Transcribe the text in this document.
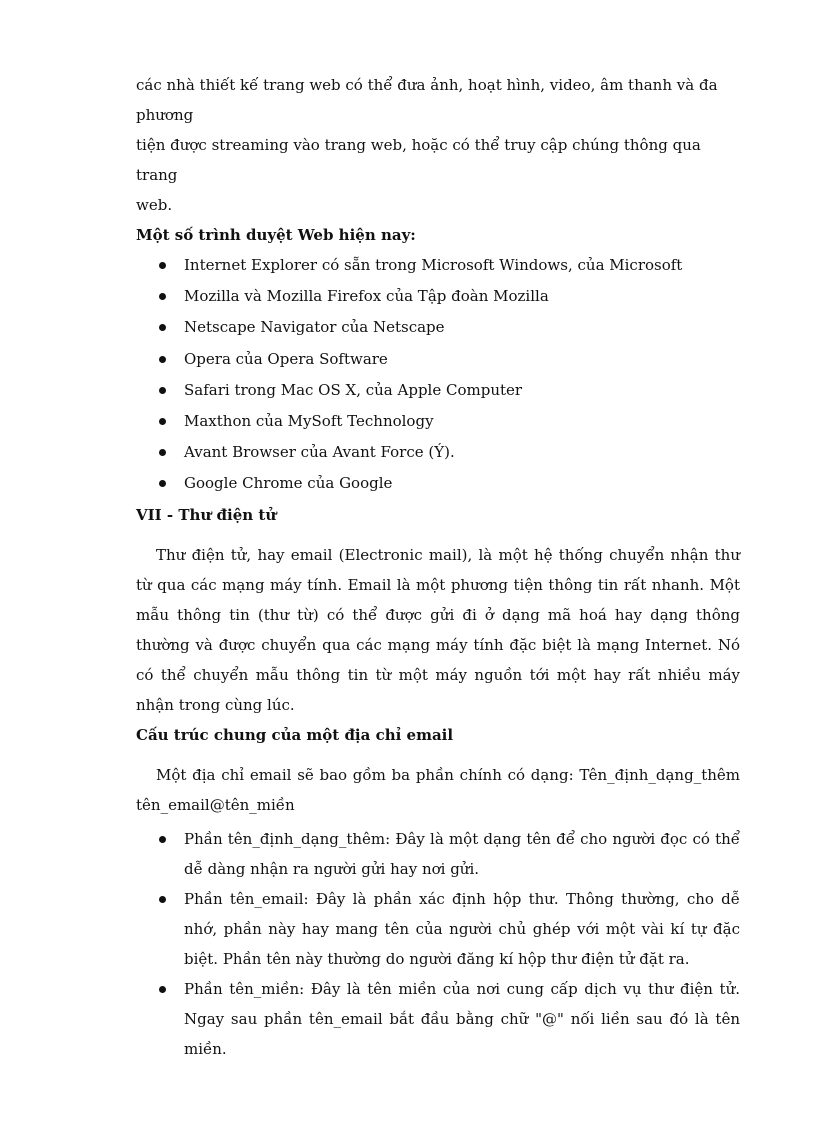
các nhà thiết kế trang web có thể đưa ảnh, hoạt hình, video, âm thanh và đa phương

tiện được streaming vào trang web, hoặc có thể truy cập chúng thông qua trang

web.

Một số trình duyệt Web hiện nay:
Internet Explorer có sẵn trong Microsoft Windows, của Microsoft
Mozilla và Mozilla Firefox của Tập đoàn Mozilla
Netscape Navigator của Netscape
Opera của Opera Software
Safari trong Mac OS X, của Apple Computer
Maxthon của MySoft Technology
Avant Browser của Avant Force (Ý).
Google Chrome của Google
VII - Thư điện tử

Thư điện tử, hay email (Electronic mail), là một hệ thống chuyển nhận thư từ qua các mạng máy tính. Email là một phương tiện thông tin rất nhanh. Một mẫu thông tin (thư từ) có thể được gửi đi ở dạng mã hoá hay dạng thông thường và được chuyển qua các mạng máy tính đặc biệt là mạng Internet. Nó có thể chuyển mẫu thông tin từ một máy nguồn tới một hay rất nhiều máy nhận trong cùng lúc.

Cấu trúc chung của một địa chỉ email

Một địa chỉ email sẽ bao gồm ba phần chính có dạng: Tên_định_dạng_thêm tên_email@tên_miền

Phần tên_định_dạng_thêm: Đây là một dạng tên để cho người đọc có thể dễ dàng nhận ra người gửi hay nơi gửi.
Phần tên_email: Đây là phần xác định hộp thư. Thông thường, cho dễ nhớ, phần này hay mang tên của người chủ ghép với một vài kí tự đặc biệt. Phần tên này thường do người đăng kí hộp thư điện tử đặt ra.
Phần tên_miền: Đây là tên miền của nơi cung cấp dịch vụ thư điện tử. Ngay sau phần tên_email bắt đầu bằng chữ "@" nối liền sau đó là tên miền.
